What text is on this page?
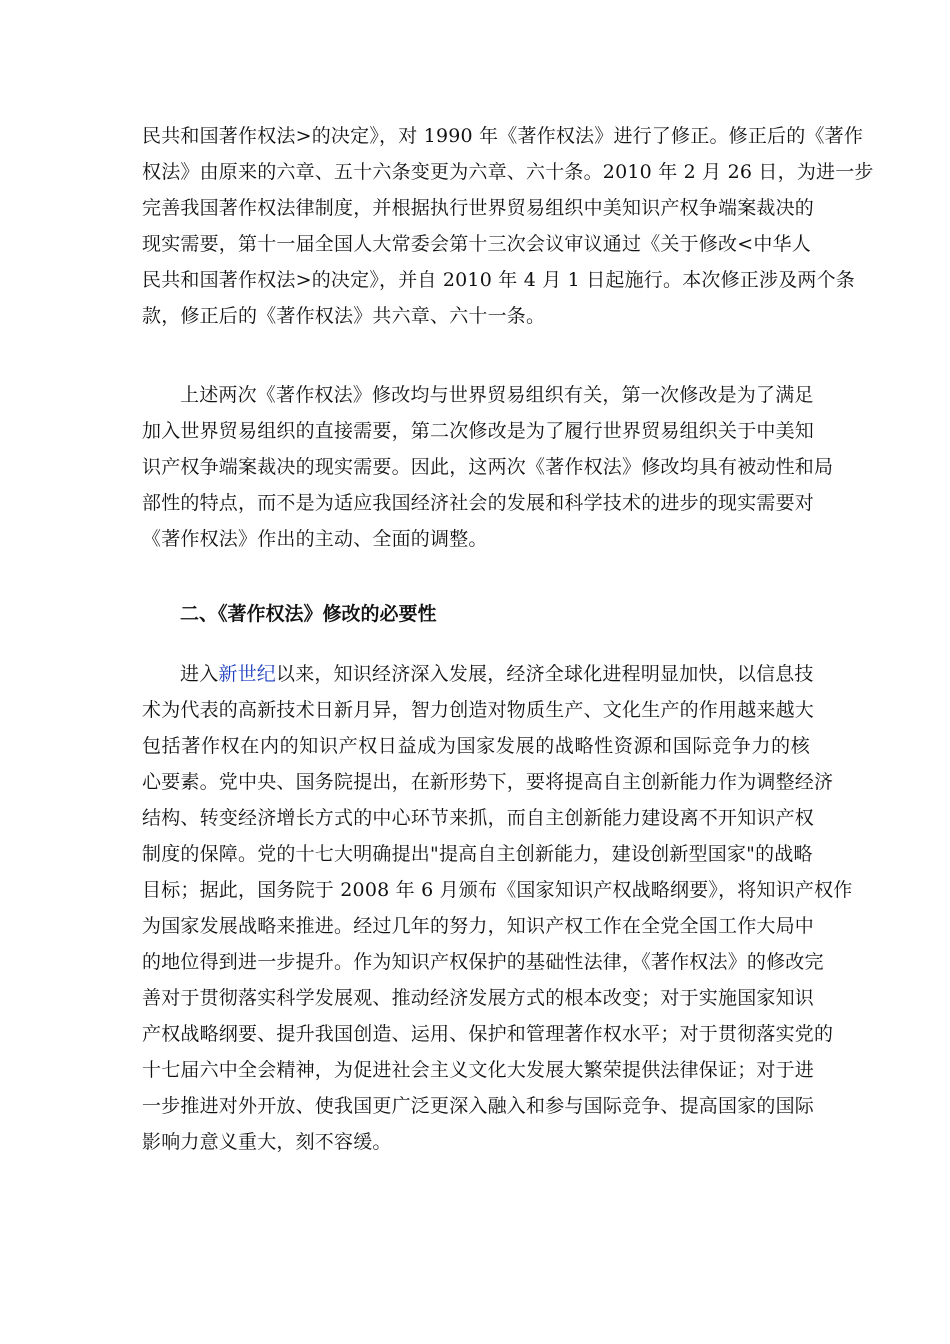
民共和国著作权法>的决定》，对 1990 年《著作权法》进行了修正。修正后的《著作
权法》由原来的六章、五十六条变更为六章、六十条。2010 年 2 月 26 日，为进一步
完善我国著作权法律制度，并根据执行世界贸易组织中美知识产权争端案裁决的
现实需要，第十一届全国人大常委会第十三次会议审议通过《关于修改<中华人
民共和国著作权法>的决定》，并自 2010 年 4 月 1 日起施行。本次修正涉及两个条
款，修正后的《著作权法》共六章、六十一条。
上述两次《著作权法》修改均与世界贸易组织有关，第一次修改是为了满足
加入世界贸易组织的直接需要，第二次修改是为了履行世界贸易组织关于中美知
识产权争端案裁决的现实需要。因此，这两次《著作权法》修改均具有被动性和局
部性的特点，而不是为适应我国经济社会的发展和科学技术的进步的现实需要对
《著作权法》作出的主动、全面的调整。
二、《著作权法》修改的必要性
进入新世纪以来，知识经济深入发展，经济全球化进程明显加快，以信息技
术为代表的高新技术日新月异，智力创造对物质生产、文化生产的作用越来越大
包括著作权在内的知识产权日益成为国家发展的战略性资源和国际竞争力的核
心要素。党中央、国务院提出，在新形势下，要将提高自主创新能力作为调整经济
结构、转变经济增长方式的中心环节来抓，而自主创新能力建设离不开知识产权
制度的保障。党的十七大明确提出"提高自主创新能力，建设创新型国家"的战略
目标；据此，国务院于 2008 年 6 月颁布《国家知识产权战略纲要》，将知识产权作
为国家发展战略来推进。经过几年的努力，知识产权工作在全党全国工作大局中
的地位得到进一步提升。作为知识产权保护的基础性法律，《著作权法》的修改完
善对于贯彻落实科学发展观、推动经济发展方式的根本改变；对于实施国家知识
产权战略纲要、提升我国创造、运用、保护和管理著作权水平；对于贯彻落实党的
十七届六中全会精神，为促进社会主义文化大发展大繁荣提供法律保证；对于进
一步推进对外开放、使我国更广泛更深入融入和参与国际竞争、提高国家的国际
影响力意义重大，刻不容缓。
